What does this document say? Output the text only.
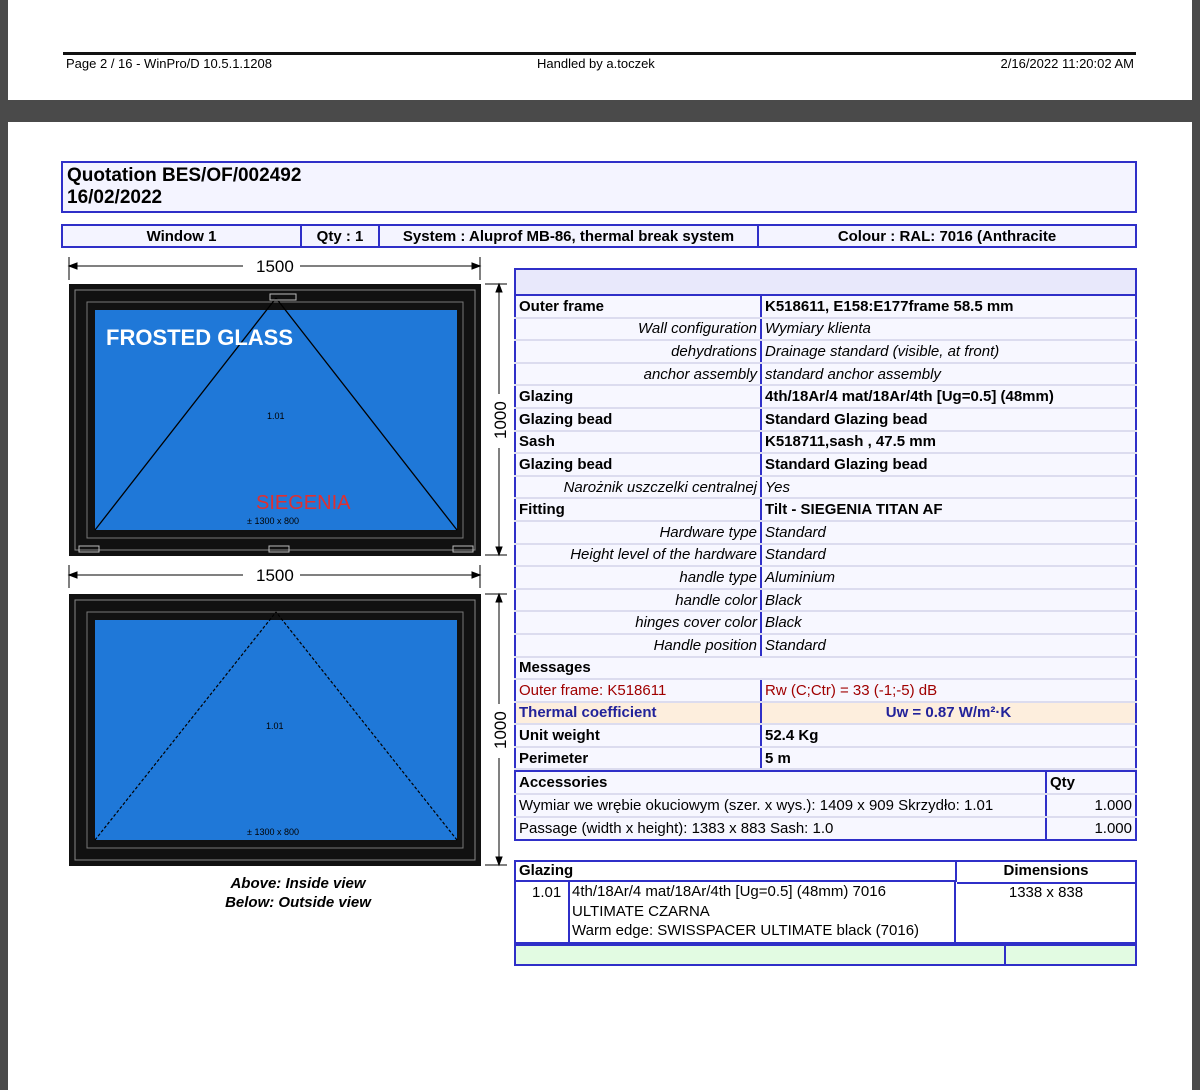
Page 2 / 16 - WinPro/D 10.5.1.1208	Handled by a.toczek	2/16/2022 11:20:02 AM
Quotation BES/OF/002492
16/02/2022
Window 1	Qty : 1	System : Aluprof MB-86, thermal break system	Colour : RAL: 7016 (Anthracite
1500
FROSTED GLASS
1.01
SIEGENIA
± 1300 x 800
1000
1500
1.01
± 1300 x 800
1000
Above: Inside view
Below: Outside view

Outer frame	K518611, E158:E177frame 58.5 mm
Wall configuration	Wymiary klienta
dehydrations	Drainage standard (visible, at front)
anchor assembly	standard anchor assembly
Glazing	4th/18Ar/4 mat/18Ar/4th [Ug=0.5] (48mm)
Glazing bead	Standard Glazing bead
Sash	K518711,sash , 47.5 mm
Glazing bead	Standard Glazing bead
Narożnik uszczelki centralnej	Yes
Fitting	Tilt - SIEGENIA TITAN AF
Hardware type	Standard
Height level of the hardware	Standard
handle type	Aluminium
handle color	Black
hinges cover color	Black
Handle position	Standard
Messages	
Outer frame: K518611	Rw (C;Ctr) = 33 (-1;-5) dB
Thermal coefficient	Uw = 0.87 W/m²·K
Unit weight	52.4 Kg
Perimeter	5 m
Accessories	Qty
Wymiar we wrębie okuciowym (szer. x wys.): 1409 x 909 Skrzydło: 1.01	1.000
Passage (width x height): 1383 x 883 Sash: 1.0	1.000
Glazing	Dimensions
1.01 4th/18Ar/4 mat/18Ar/4th [Ug=0.5] (48mm) 7016
ULTIMATE CZARNA
Warm edge: SWISSPACER ULTIMATE black (7016)
1338 x 838
